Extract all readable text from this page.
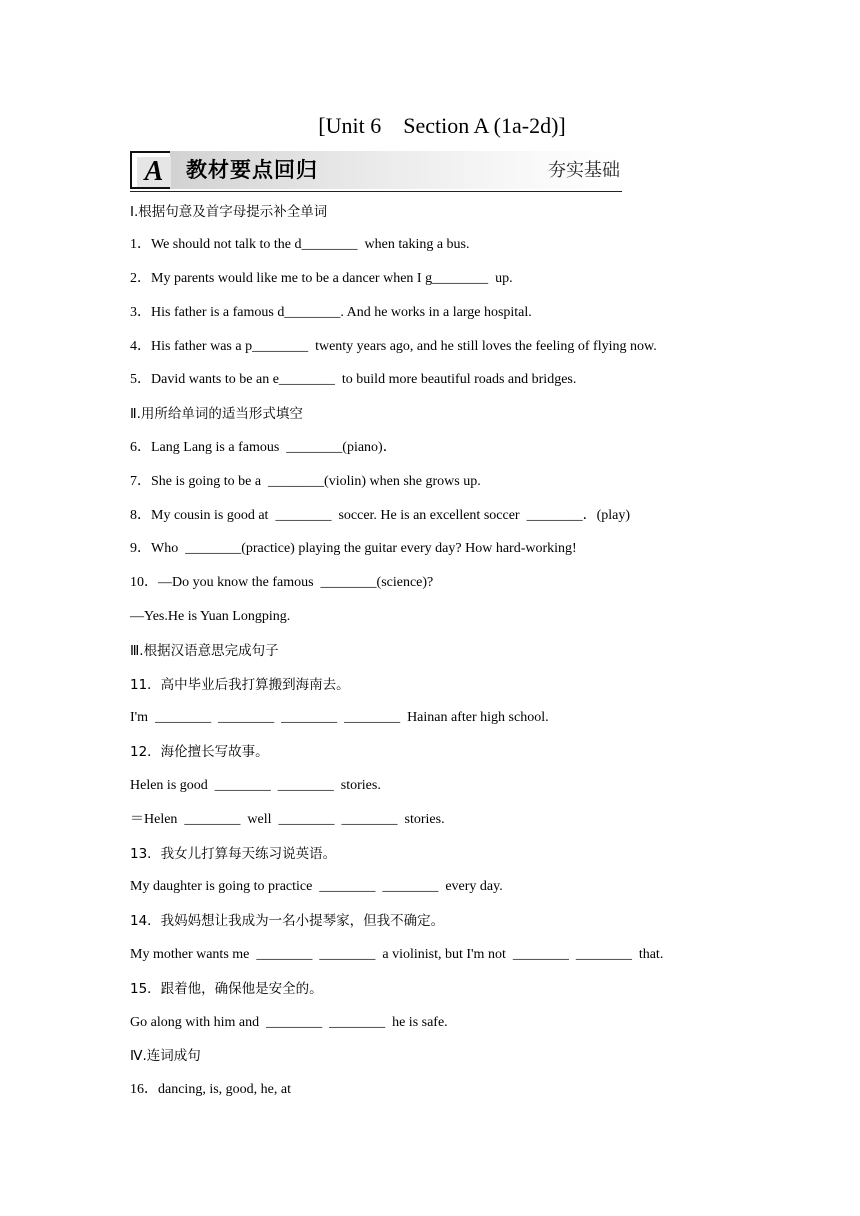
[Unit 6    Section A (1a-2d)]
A	教材要点回归	夯实基础
Ⅰ.根据句意及首字母提示补全单词
1．We should not talk to the d________  when taking a bus.
2．My parents would like me to be a dancer when I g________  up.
3．His father is a famous d________. And he works in a large hospital.
4．His father was a p________  twenty years ago, and he still loves the feeling of flying now.
5．David wants to be an e________  to build more beautiful roads and bridges.
Ⅱ.用所给单词的适当形式填空
6．Lang Lang is a famous  ________(piano)．
7．She is going to be a  ________(violin) when she grows up.
8．My cousin is good at  ________  soccer. He is an excellent soccer  ________．(play)
9．Who  ________(practice) playing the guitar every day? How hard-working!
10．—Do you know the famous  ________(science)?
—Yes.He is Yuan Longping.
Ⅲ.根据汉语意思完成句子
11．高中毕业后我打算搬到海南去。
I'm  ________  ________  ________  ________  Hainan after high school.
12．海伦擅长写故事。
Helen is good  ________  ________  stories.
＝Helen  ________  well  ________  ________  stories.
13．我女儿打算每天练习说英语。
My daughter is going to practice  ________  ________  every day.
14．我妈妈想让我成为一名小提琴家，但我不确定。
My mother wants me  ________  ________  a violinist, but I'm not  ________  ________  that.
15．跟着他，确保他是安全的。
Go along with him and  ________  ________  he is safe.
Ⅳ.连词成句
16．dancing, is, good, he, at
